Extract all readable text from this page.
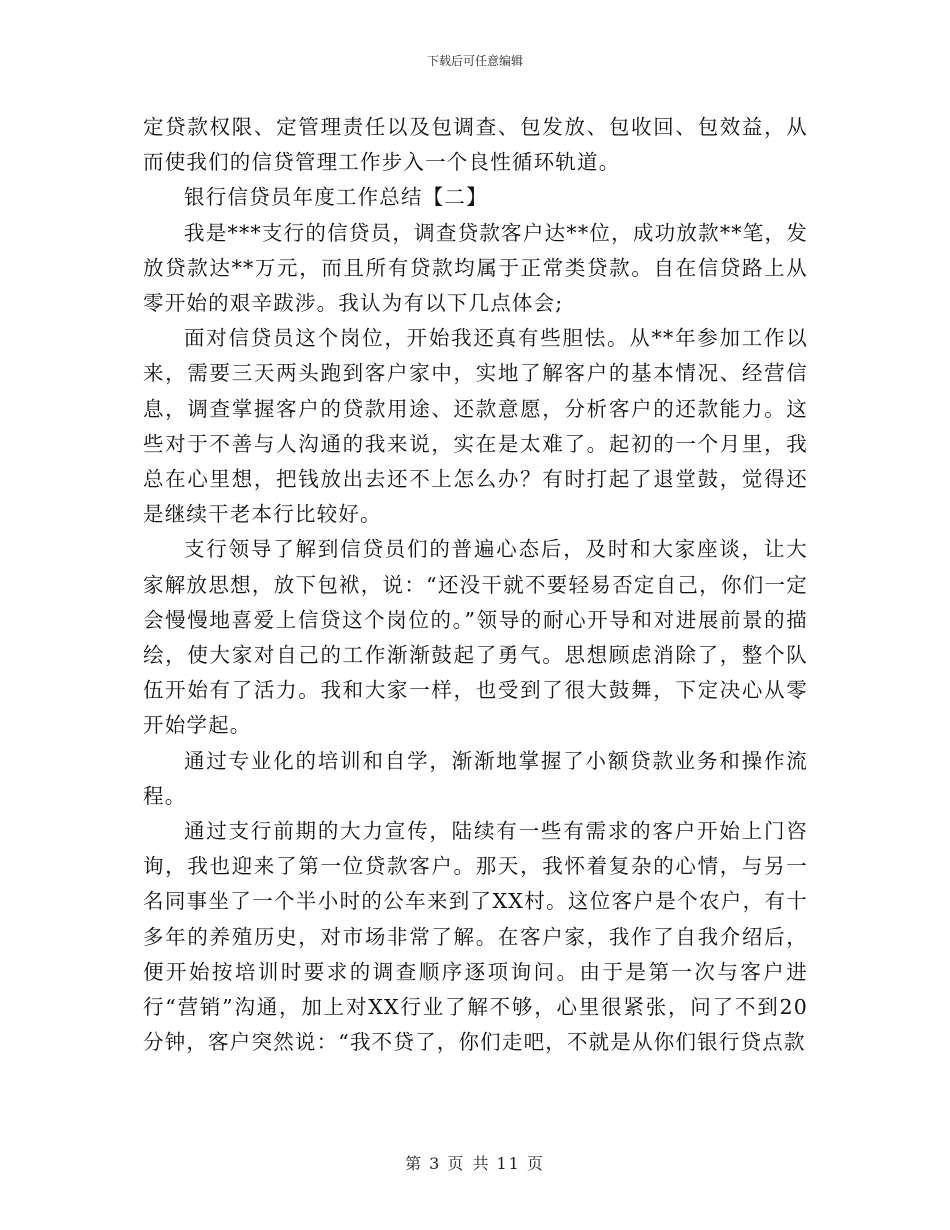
下载后可任意编辑

定贷款权限、定管理责任以及包调查、包发放、包收回、包效益，从而使我们的信贷管理工作步入一个良性循环轨道。

银行信贷员年度工作总结【二】

我是***支行的信贷员，调查贷款客户达**位，成功放款**笔，发放贷款达**万元，而且所有贷款均属于正常类贷款。自在信贷路上从零开始的艰辛跋涉。我认为有以下几点体会;

面对信贷员这个岗位，开始我还真有些胆怯。从**年参加工作以来，需要三天两头跑到客户家中，实地了解客户的基本情况、经营信息，调查掌握客户的贷款用途、还款意愿，分析客户的还款能力。这些对于不善与人沟通的我来说，实在是太难了。起初的一个月里，我总在心里想，把钱放出去还不上怎么办？有时打起了退堂鼓，觉得还是继续干老本行比较好。

支行领导了解到信贷员们的普遍心态后，及时和大家座谈，让大家解放思想，放下包袱，说：“还没干就不要轻易否定自己，你们一定会慢慢地喜爱上信贷这个岗位的。”领导的耐心开导和对进展前景的描绘，使大家对自己的工作渐渐鼓起了勇气。思想顾虑消除了，整个队伍开始有了活力。我和大家一样，也受到了很大鼓舞，下定决心从零开始学起。

通过专业化的培训和自学，渐渐地掌握了小额贷款业务和操作流程。

通过支行前期的大力宣传，陆续有一些有需求的客户开始上门咨询，我也迎来了第一位贷款客户。那天，我怀着复杂的心情，与另一名同事坐了一个半小时的公车来到了XX村。这位客户是个农户，有十多年的养殖历史，对市场非常了解。在客户家，我作了自我介绍后，便开始按培训时要求的调查顺序逐项询问。由于是第一次与客户进行“营销”沟通，加上对XX行业了解不够，心里很紧张，问了不到20分钟，客户突然说：“我不贷了，你们走吧，不就是从你们银行贷点款

第 3 页 共 11 页
